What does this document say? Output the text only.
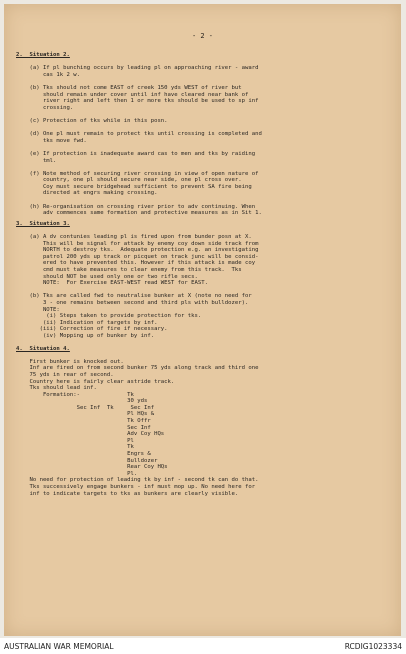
- 2 -
2.  Situation 2.

(a) If pl bunching occurs by leading pl on approaching river - award
cas 1k 2 w.

(b) Tks should not come EAST of creek 150 yds WEST of river but
should remain under cover until inf have cleared near bank of
river right and left then 1 or more tks should be used to sp inf
crossing.

(c) Protection of tks while in this posn.

(d) One pl must remain to protect tks until crossing is completed and
tks move fwd.

(e) If protection is inadequate award cas to men and tks by raiding
tml.

(f) Note method of securing river crossing in view of open nature of
country, one pl should secure near side, one pl cross over.
Coy must secure bridgehead sufficient to prevent SA fire being
directed at engrs making crossing.

(h) Re-organisation on crossing river prior to adv continuing. When
adv commences same formation and protective measures as in Sit 1.
3.  Situation 3.

(a) A dv contunies leading pl is fired upon from bunder posn at X.
This will be signal for attack by enemy coy down side track from
NORTH to destroy tks.  Adequate protection e.g. an investigating
patrol 200 yds up track or picquet on track junc will be consid-
ered to have prevented this. However if this attack is made coy
cmd must take measures to clear enemy from this track.  Tks
should NOT be used only one or two rifle secs.
NOTE:  For Exercise EAST-WEST read WEST for EAST.

(b) Tks are called fwd to neutralise bunker at X (note no need for
3 - one remains between second and third pls with bulldozer).
NOTE:
(i) Steps taken to provide protection for tks.
(ii) Indication of targets by inf.
(iii) Correction of fire if necessary.
(iv) Mopping up of bunker by inf.
4.  Situation 4.

First bunker is knocked out.
Inf are fired on from second bunker 75 yds along track and third one
75 yds in rear of second.
Country here is fairly clear astride track.
Tks should lead inf.
Formation:-              Tk
30 yds
Sec Inf  Tk     Sec Inf
Pl HQs &
Tk Offr
Sec Inf
Adv Coy HQs
Pl
Tk
Engrs &
Bulldozer
Rear Coy HQs
Pl.
No need for protection of leading tk by inf - second tk can do that.
Tks successively engage bunkers - inf must mop up. No need here for
inf to indicate targets to tks as bunkers are clearly visible.
AUSTRALIAN WAR MEMORIAL	RCDIG1023334
